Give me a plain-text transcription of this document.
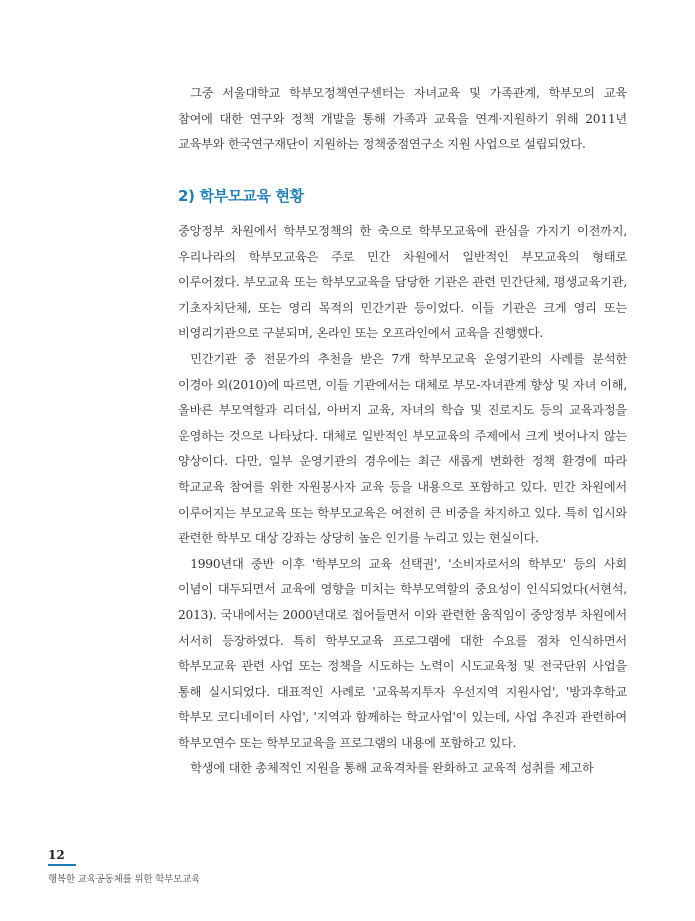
그중 서울대학교 학부모정책연구센터는 자녀교육 및 가족관계, 학부모의 교육 참여에 대한 연구와 정책 개발을 통해 가족과 교육을 연계·지원하기 위해 2011년 교육부와 한국연구재단이 지원하는 정책중점연구소 지원 사업으로 설립되었다.

2) 학부모교육 현황

중앙정부 차원에서 학부모정책의 한 축으로 학부모교육에 관심을 가지기 이전까지, 우리나라의 학부모교육은 주로 민간 차원에서 일반적인 부모교육의 형태로 이루어졌다. 부모교육 또는 학부모교육을 담당한 기관은 관련 민간단체, 평생교육기관, 기초자치단체, 또는 영리 목적의 민간기관 등이었다. 이들 기관은 크게 영리 또는 비영리기관으로 구분되며, 온라인 또는 오프라인에서 교육을 진행했다.

민간기관 중 전문가의 추천을 받은 7개 학부모교육 운영기관의 사례를 분석한 이경아 외(2010)에 따르면, 이들 기관에서는 대체로 부모-자녀관계 향상 및 자녀 이해, 올바른 부모역할과 리더십, 아버지 교육, 자녀의 학습 및 진로지도 등의 교육과정을 운영하는 것으로 나타났다. 대체로 일반적인 부모교육의 주제에서 크게 벗어나지 않는 양상이다. 다만, 일부 운영기관의 경우에는 최근 새롭게 변화한 정책 환경에 따라 학교교육 참여를 위한 자원봉사자 교육 등을 내용으로 포함하고 있다. 민간 차원에서 이루어지는 부모교육 또는 학부모교육은 여전히 큰 비중을 차지하고 있다. 특히 입시와 관련한 학부모 대상 강좌는 상당히 높은 인기를 누리고 있는 현실이다.

1990년대 중반 이후 '학부모의 교육 선택권', '소비자로서의 학부모' 등의 사회 이념이 대두되면서 교육에 영향을 미치는 학부모역할의 중요성이 인식되었다(서현석, 2013). 국내에서는 2000년대로 접어들면서 이와 관련한 움직임이 중앙정부 차원에서 서서히 등장하였다. 특히 학부모교육 프로그램에 대한 수요를 점차 인식하면서 학부모교육 관련 사업 또는 정책을 시도하는 노력이 시도교육청 및 전국단위 사업을 통해 실시되었다. 대표적인 사례로 '교육복지투자 우선지역 지원사업', '방과후학교 학부모 코디네이터 사업', '지역과 함께하는 학교사업'이 있는데, 사업 추진과 관련하여 학부모연수 또는 학부모교육을 프로그램의 내용에 포함하고 있다.

학생에 대한 총체적인 지원을 통해 교육격차를 완화하고 교육적 성취를 제고하

12
행복한 교육공동체를 위한 학부모교육
